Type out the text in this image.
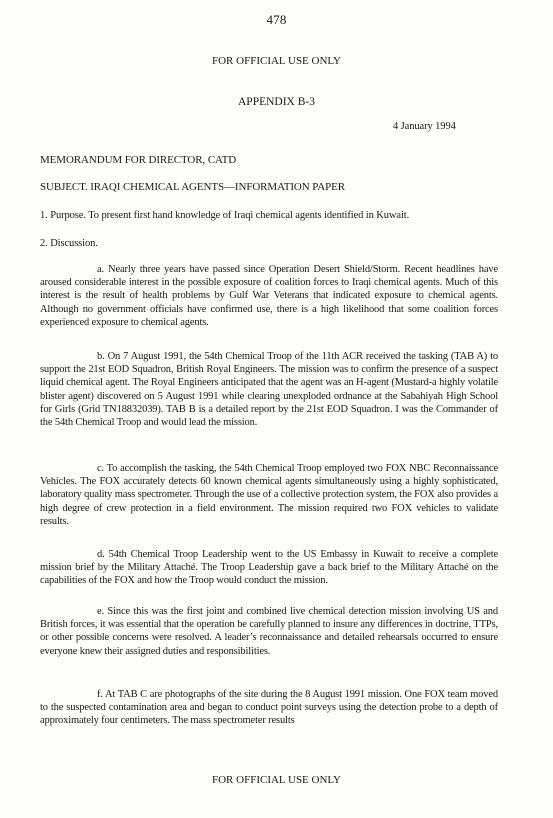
478
FOR OFFICIAL USE ONLY
APPENDIX B-3
4 January 1994
MEMORANDUM FOR DIRECTOR, CATD
SUBJECT. IRAQI CHEMICAL AGENTS—INFORMATION PAPER
1. Purpose. To present first hand knowledge of Iraqi chemical agents identified in Kuwait.
2. Discussion.
a. Nearly three years have passed since Operation Desert Shield/Storm. Recent headlines have aroused considerable interest in the possible exposure of coalition forces to Iraqi chemical agents. Much of this interest is the result of health problems by Gulf War Veterans that indicated exposure to chemical agents. Although no government officials have confirmed use, there is a high likelihood that some coalition forces experienced exposure to chemical agents.
b. On 7 August 1991, the 54th Chemical Troop of the 11th ACR received the tasking (TAB A) to support the 21st EOD Squadron, British Royal Engineers. The mission was to confirm the presence of a suspect liquid chemical agent. The Royal Engineers anticipated that the agent was an H-agent (Mustard-a highly volatile blister agent) discovered on 5 August 1991 while clearing unexploded ordnance at the Sabahiyah High School for Girls (Grid TN18832039). TAB B is a detailed report by the 21st EOD Squadron. I was the Commander of the 54th Chemical Troop and would lead the mission.
c. To accomplish the tasking, the 54th Chemical Troop employed two FOX NBC Reconnaissance Vehicles. The FOX accurately detects 60 known chemical agents simultaneously using a highly sophisticated, laboratory quality mass spectrometer. Through the use of a collective protection system, the FOX also provides a high degree of crew protection in a field environment. The mission required two FOX vehicles to validate results.
d. 54th Chemical Troop Leadership went to the US Embassy in Kuwait to receive a complete mission brief by the Military Attaché. The Troop Leadership gave a back brief to the Military Attaché on the capabilities of the FOX and how the Troop would conduct the mission.
e. Since this was the first joint and combined live chemical detection mission involving US and British forces, it was essential that the operation be carefully planned to insure any differences in doctrine, TTPs, or other possible concerns were resolved. A leader’s reconnaissance and detailed rehearsals occurred to ensure everyone knew their assigned duties and responsibilities.
f. At TAB C are photographs of the site during the 8 August 1991 mission. One FOX team moved to the suspected contamination area and began to conduct point surveys using the detection probe to a depth of approximately four centimeters. The mass spectrometer results
FOR OFFICIAL USE ONLY
